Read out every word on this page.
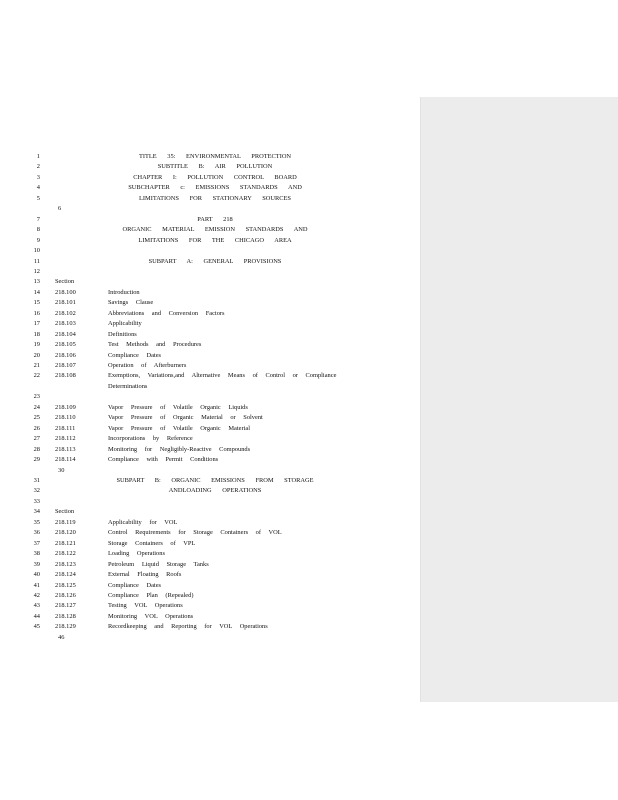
1	TITLE 35: ENVIRONMENTAL PROTECTION
2	SUBTITLE B: AIR POLLUTION
3	CHAPTER I: POLLUTION CONTROL BOARD
4	SUBCHAPTER c: EMISSIONS STANDARDS AND
5	LIMITATIONS FOR STATIONARY SOURCES
6
7	PART 218
8	ORGANIC MATERIAL EMISSION STANDARDS AND
9	LIMITATIONS FOR THE CHICAGO AREA
10
11	SUBPART A: GENERAL PROVISIONS
12
13 Section
14 218.100	Introduction
15 218.101	Savings Clause
16 218.102	Abbreviations and Conversion Factors
17 218.103	Applicability
18 218.104	Definitions
19 218.105	Test Methods and Procedures
20 218.106	Compliance Dates
21 218.107	Operation of Afterburners
22 218.108	Exemptions, Variations,and Alternative Means of Control or Compliance
Determinations
23
24 218.109	Vapor Pressure of Volatile Organic Liquids
25 218.110	Vapor Pressure of Organic Material or Solvent
26 218.111	Vapor Pressure of Volatile Organic Material
27 218.112	Incorporations by Reference
28 218.113	Monitoring for Negligibly-Reactive Compounds
29 218.114	Compliance with Permit Conditions
30
31	SUBPART B: ORGANIC EMISSIONS FROM STORAGE
32	ANDLOADING OPERATIONS
33
34 Section
35 218.119	Applicability for VOL
36 218.120	Control Requirements for Storage Containers of VOL
37 218.121	Storage Containers of VPL
38 218.122	Loading Operations
39 218.123	Petroleum Liquid Storage Tanks
40 218.124	External Floating Roofs
41 218.125	Compliance Dates
42 218.126	Compliance Plan (Repealed)
43 218.127	Testing VOL Operations
44 218.128	Monitoring VOL Operations
45 218.129	Recordkeeping and Reporting for VOL Operations
46
